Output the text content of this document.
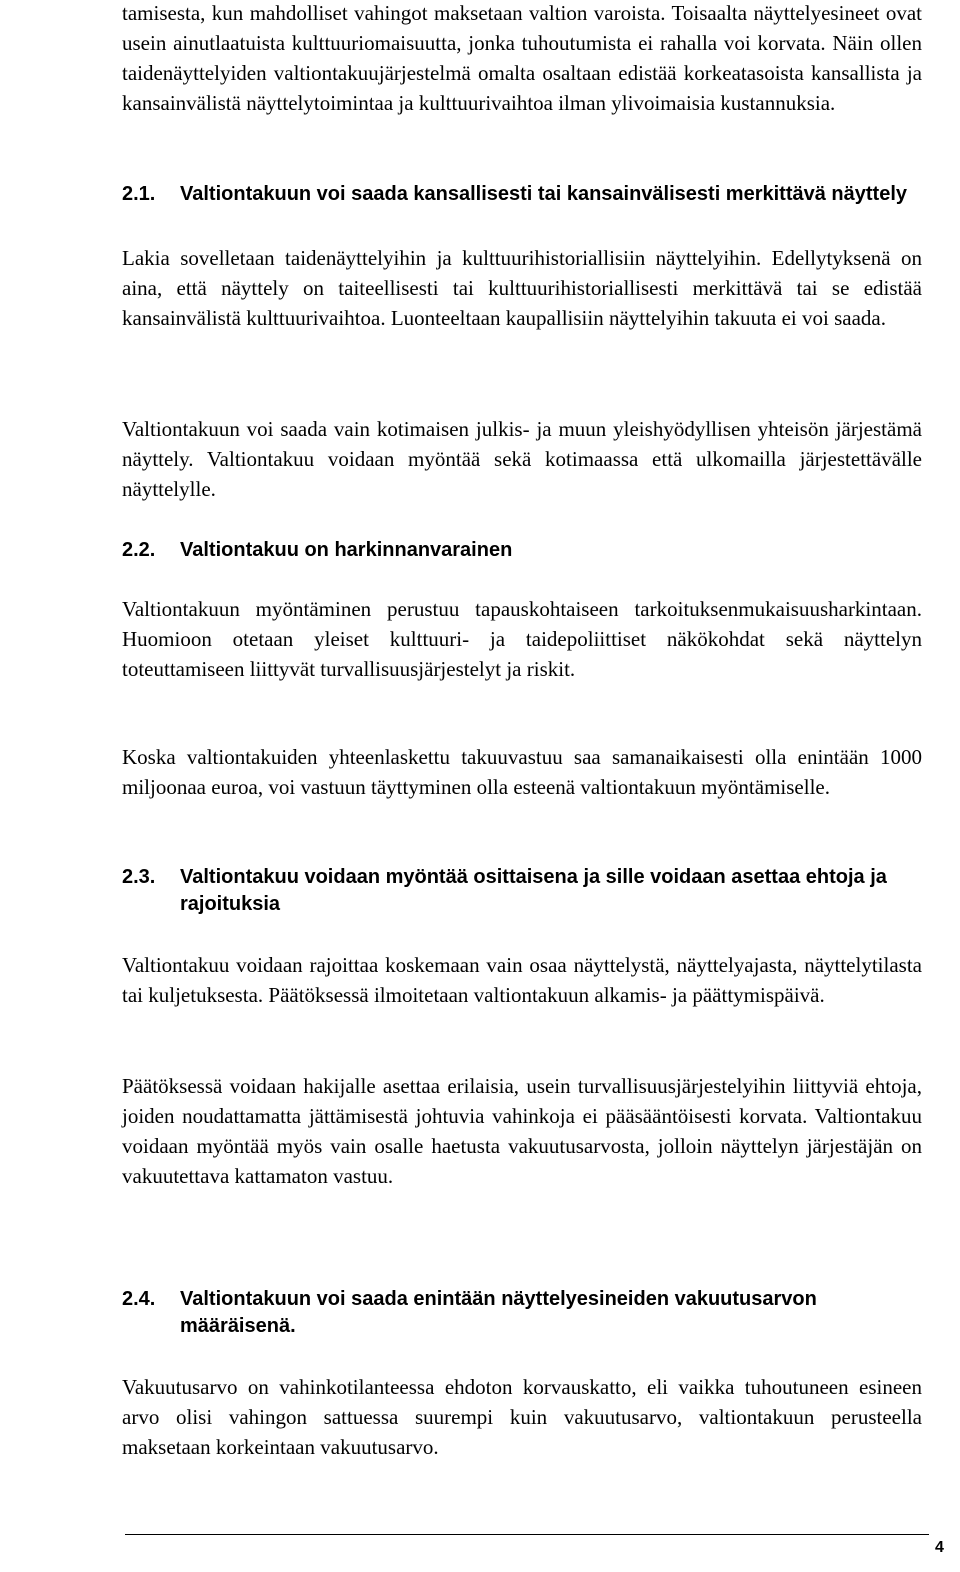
tamisesta, kun mahdolliset vahingot maksetaan valtion varoista. Toisaalta näyttelyesineet ovat usein ainutlaatuista kulttuuriomaisuutta, jonka tuhoutumista ei rahalla voi korvata. Näin ollen taidenäyttelyiden valtiontakuujärjestelmä omalta osaltaan edistää korkeatasoista kansallista ja kansainvälistä näyttelytoimintaa ja kulttuurivaihtoa ilman ylivoimaisia kustannuksia.

2.1.	Valtiontakuun voi saada kansallisesti tai kansainvälisesti merkittävä näyttely

Lakia sovelletaan taidenäyttelyihin ja kulttuurihistoriallisiin näyttelyihin. Edellytyksenä on aina, että näyttely on taiteellisesti tai kulttuurihistoriallisesti merkittävä tai se edistää kansainvälistä kulttuurivaihtoa. Luonteeltaan kaupallisiin näyttelyihin takuuta ei voi saada.

Valtiontakuun voi saada vain kotimaisen julkis- ja muun yleishyödyllisen yhteisön järjestämä näyttely. Valtiontakuu voidaan myöntää sekä kotimaassa että ulkomailla järjestettävälle näyttelylle.

2.2.	Valtiontakuu on harkinnanvarainen

Valtiontakuun myöntäminen perustuu tapauskohtaiseen tarkoituksenmukaisuusharkintaan. Huomioon otetaan yleiset kulttuuri- ja taidepoliittiset näkökohdat sekä näyttelyn toteuttamiseen liittyvät turvallisuusjärjestelyt ja riskit.

Koska valtiontakuiden yhteenlaskettu takuuvastuu saa samanaikaisesti olla enintään 1000 miljoonaa euroa, voi vastuun täyttyminen olla esteenä valtiontakuun myöntämiselle.

2.3.	Valtiontakuu voidaan myöntää osittaisena ja sille voidaan asettaa ehtoja ja rajoituksia

Valtiontakuu voidaan rajoittaa koskemaan vain osaa näyttelystä, näyttelyajasta, näyttelytilasta tai kuljetuksesta. Päätöksessä ilmoitetaan valtiontakuun alkamis- ja päättymispäivä.

Päätöksessä voidaan hakijalle asettaa erilaisia, usein turvallisuusjärjestelyihin liittyviä ehtoja, joiden noudattamatta jättämisestä johtuvia vahinkoja ei pääsääntöisesti korvata. Valtiontakuu voidaan myöntää myös vain osalle haetusta vakuutusarvosta, jolloin näyttelyn järjestäjän on vakuutettava kattamaton vastuu.

2.4.	Valtiontakuun voi saada enintään näyttelyesineiden vakuutusarvon määräisenä.

Vakuutusarvo on vahinkotilanteessa ehdoton korvauskatto, eli vaikka tuhoutuneen esineen arvo olisi vahingon sattuessa suurempi kuin vakuutusarvo, valtiontakuun perusteella maksetaan korkeintaan vakuutusarvo.

4
